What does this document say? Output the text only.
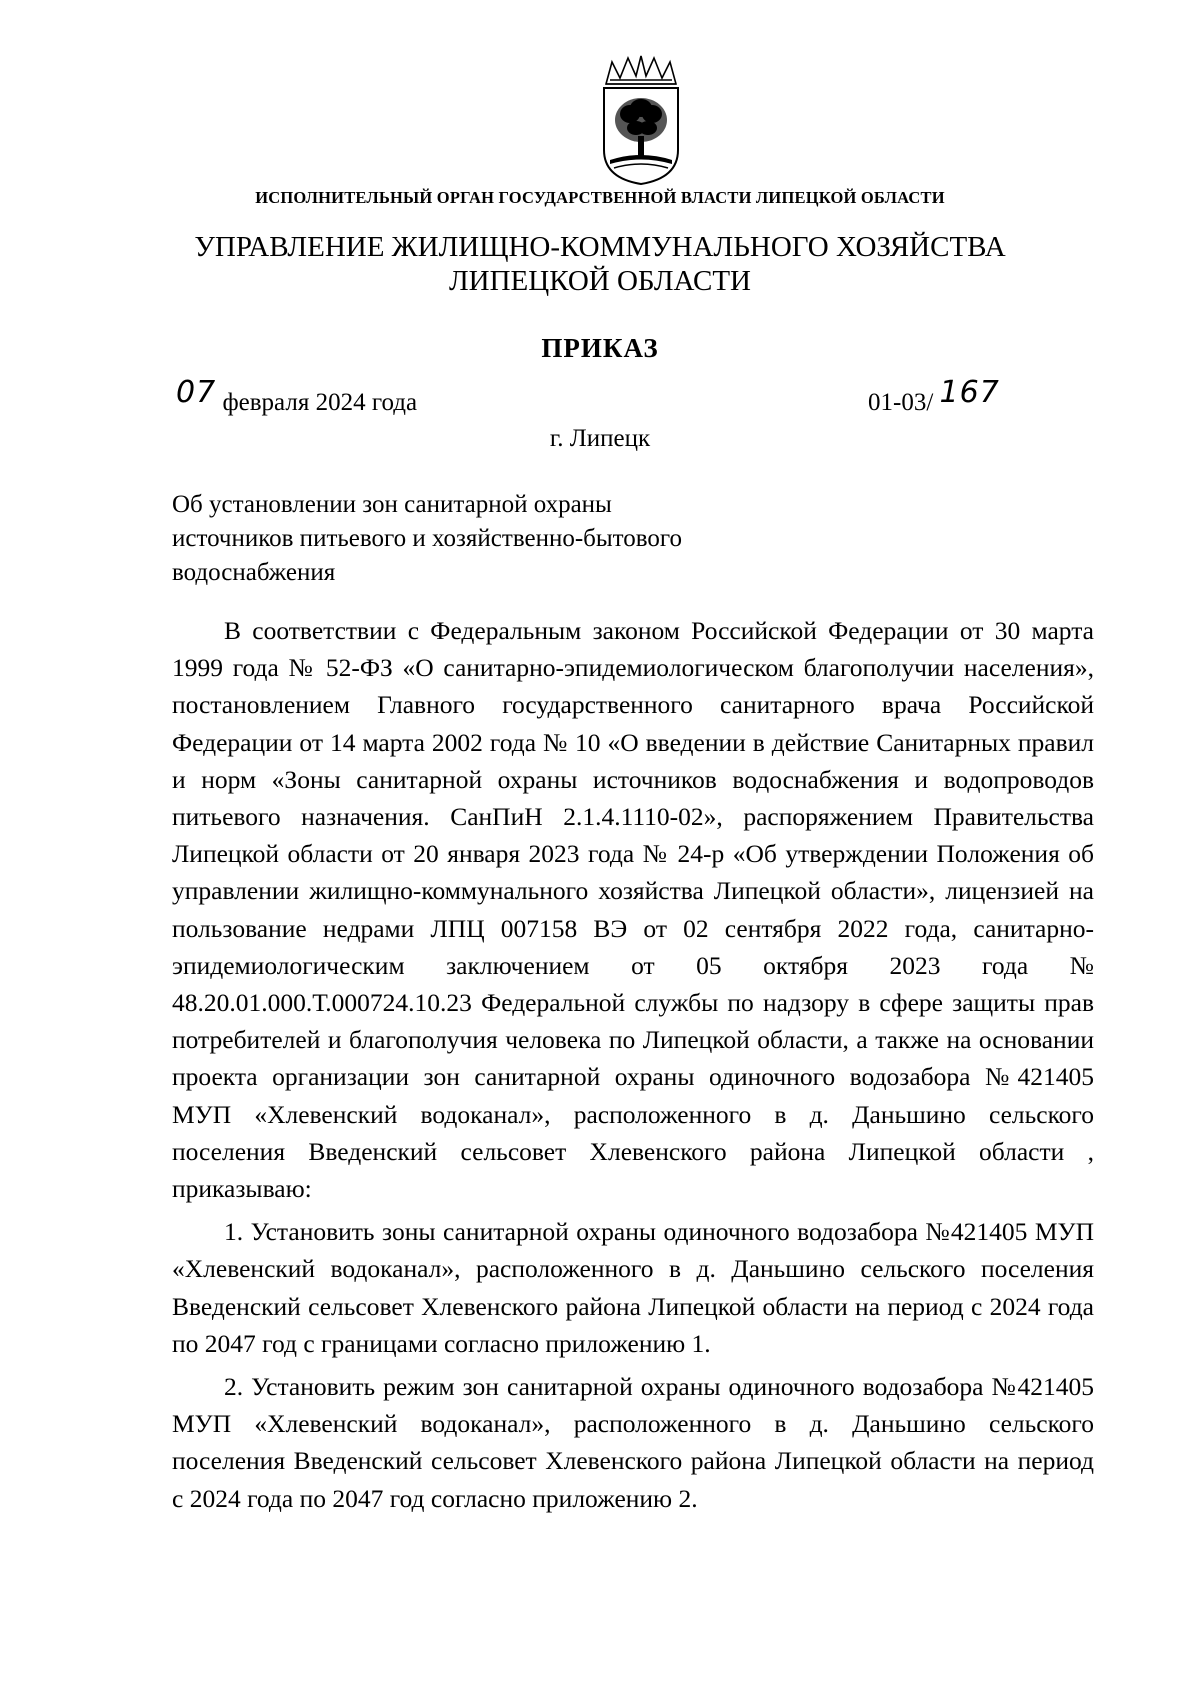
ИСПОЛНИТЕЛЬНЫЙ ОРГАН ГОСУДАРСТВЕННОЙ ВЛАСТИ ЛИПЕЦКОЙ ОБЛАСТИ
УПРАВЛЕНИЕ ЖИЛИЩНО-КОММУНАЛЬНОГО ХОЗЯЙСТВА
ЛИПЕЦКОЙ ОБЛАСТИ
ПРИКАЗ
07 февраля 2024 года	01-03/ 167
г. Липецк
Об установлении зон санитарной охраны
источников питьевого и хозяйственно-бытового
водоснабжения

В соответствии с Федеральным законом Российской Федерации от 30 марта 1999 года № 52-ФЗ «О санитарно-эпидемиологическом благополучии населения», постановлением Главного государственного санитарного врача Российской Федерации от 14 марта 2002 года № 10 «О введении в действие Санитарных правил и норм «Зоны санитарной охраны источников водоснабжения и водопроводов питьевого назначения. СанПиН 2.1.4.1110-02», распоряжением Правительства Липецкой области от 20 января 2023 года № 24-р «Об утверждении Положения об управлении жилищно-коммунального хозяйства Липецкой области», лицензией на пользование недрами ЛПЦ 007158 ВЭ от 02 сентября 2022 года, санитарно-эпидемиологическим заключением от 05 октября 2023 года № 48.20.01.000.Т.000724.10.23 Федеральной службы по надзору в сфере защиты прав потребителей и благополучия человека по Липецкой области, а также на основании проекта организации зон санитарной охраны одиночного водозабора №421405 МУП «Хлевенский водоканал», расположенного в д. Даньшино сельского поселения Введенский сельсовет Хлевенского района Липецкой области , приказываю:

1. Установить зоны санитарной охраны одиночного водозабора №421405 МУП «Хлевенский водоканал», расположенного в д. Даньшино сельского поселения Введенский сельсовет Хлевенского района Липецкой области на период с 2024 года по 2047 год с границами согласно приложению 1.

2. Установить режим зон санитарной охраны одиночного водозабора №421405 МУП «Хлевенский водоканал», расположенного в д. Даньшино сельского поселения Введенский сельсовет Хлевенского района Липецкой области на период с 2024 года по 2047 год согласно приложению 2.
